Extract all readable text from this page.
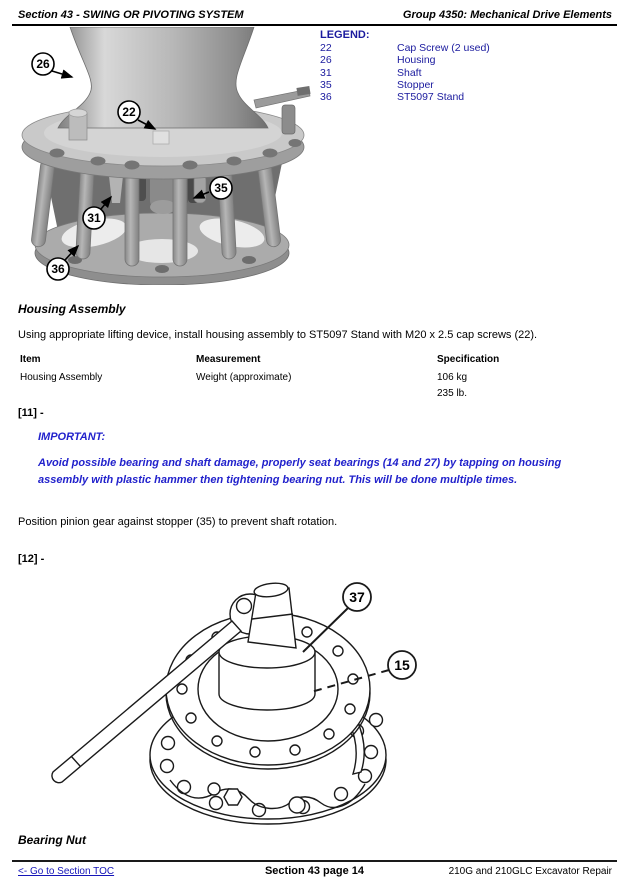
Section 43 - SWING OR PIVOTING SYSTEM	Group 4350: Mechanical Drive Elements
26
22
35
31
36
LEGEND:
22	Cap Screw (2 used)
26	Housing
31	Shaft
35	Stopper
36	ST5097 Stand
Housing Assembly
Using appropriate lifting device, install housing assembly to ST5097 Stand with M20 x 2.5 cap screws (22).
Item	Measurement	Specification
Housing Assembly	Weight (approximate)	106 kg
235 lb.
[11] -
IMPORTANT:
Avoid possible bearing and shaft damage, properly seat bearings (14 and 27) by tapping on housing assembly with plastic hammer then tightening bearing nut. This will be done multiple times.
Position pinion gear against stopper (35) to prevent shaft rotation.
[12] -
37
15
Bearing Nut
<- Go to Section TOC	Section 43 page 14	210G and 210GLC Excavator Repair
